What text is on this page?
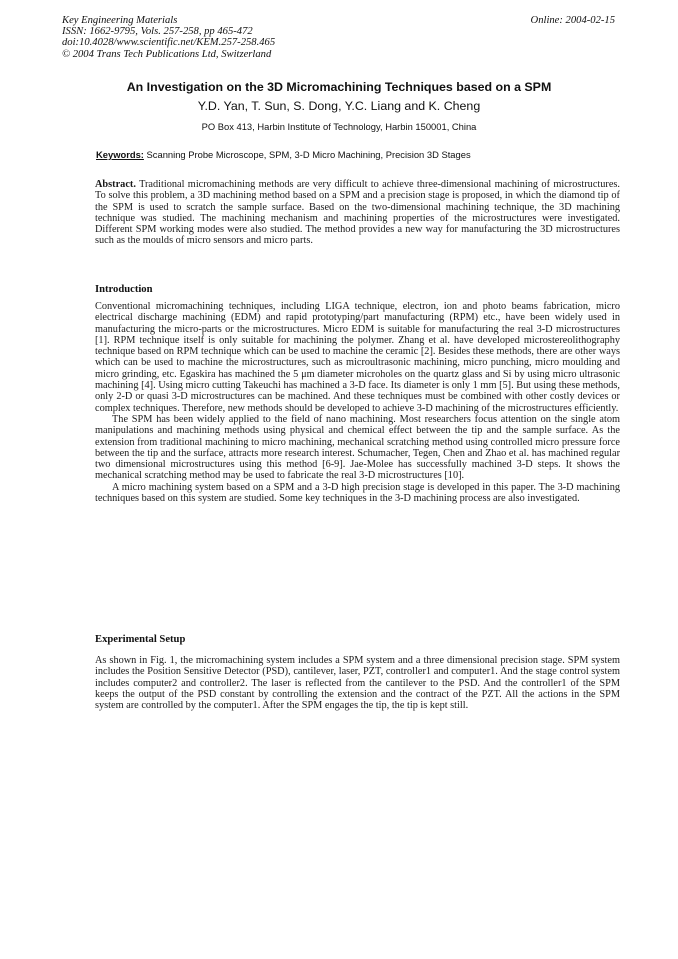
Key Engineering Materials
ISSN: 1662-9795, Vols. 257-258, pp 465-472
doi:10.4028/www.scientific.net/KEM.257-258.465
© 2004 Trans Tech Publications Ltd, Switzerland
Online: 2004-02-15
An Investigation on the 3D Micromachining Techniques based on a SPM
Y.D. Yan, T. Sun, S. Dong, Y.C. Liang and K. Cheng
PO Box 413, Harbin Institute of Technology, Harbin 150001, China
Keywords: Scanning Probe Microscope, SPM, 3-D Micro Machining, Precision 3D Stages

Abstract. Traditional micromachining methods are very difficult to achieve three-dimensional machining of microstructures. To solve this problem, a 3D machining method based on a SPM and a precision stage is proposed, in which the diamond tip of the SPM is used to scratch the sample surface. Based on the two-dimensional machining technique, the 3D machining technique was studied. The machining mechanism and machining properties of the microstructures were investigated. Different SPM working modes were also studied. The method provides a new way for manufacturing the 3D microstructures such as the moulds of micro sensors and micro parts.

Introduction

Conventional micromachining techniques, including LIGA technique, electron, ion and photo beams fabrication, micro electrical discharge machining (EDM) and rapid prototyping/part manufacturing (RPM) etc., have been widely used in manufacturing the micro-parts or the microstructures. Micro EDM is suitable for manufacturing the real 3-D microstructures [1]. RPM technique itself is only suitable for machining the polymer. Zhang et al. have developed microstereolithography technique based on RPM technique which can be used to machine the ceramic [2]. Besides these methods, there are other ways which can be used to machine the microstructures, such as microultrasonic machining, micro punching, micro moulding and micro grinding, etc. Egaskira has machined the 5 μm diameter microholes on the quartz glass and Si by using micro ultrasonic machining [4]. Using micro cutting Takeuchi has machined a 3-D face. Its diameter is only 1 mm [5]. But using these methods, only 2-D or quasi 3-D microstructures can be machined. And these techniques must be combined with other costly devices or complex techniques. Therefore, new methods should be developed to achieve 3-D machining of the microstructures efficiently.

The SPM has been widely applied to the field of nano machining. Most researchers focus attention on the single atom manipulations and machining methods using physical and chemical effect between the tip and the sample surface. As the extension from traditional machining to micro machining, mechanical scratching method using controlled micro pressure force between the tip and the surface, attracts more research interest. Schumacher, Tegen, Chen and Zhao et al. has machined regular two dimensional microstructures using this method [6-9]. Jae-Molee has successfully machined 3-D steps. It shows the mechanical scratching method may be used to fabricate the real 3-D microstructures [10].

A micro machining system based on a SPM and a 3-D high precision stage is developed in this paper. The 3-D machining techniques based on this system are studied. Some key techniques in the 3-D machining process are also investigated.

Experimental Setup

As shown in Fig. 1, the micromachining system includes a SPM system and a three dimensional precision stage. SPM system includes the Position Sensitive Detector (PSD), cantilever, laser, PZT, controller1 and computer1. And the stage control system includes computer2 and controller2. The laser is reflected from the cantilever to the PSD. And the controller1 of the SPM keeps the output of the PSD constant by controlling the extension and the contract of the PZT. All the actions in the SPM system are controlled by the computer1. After the SPM engages the tip, the tip is kept still.
